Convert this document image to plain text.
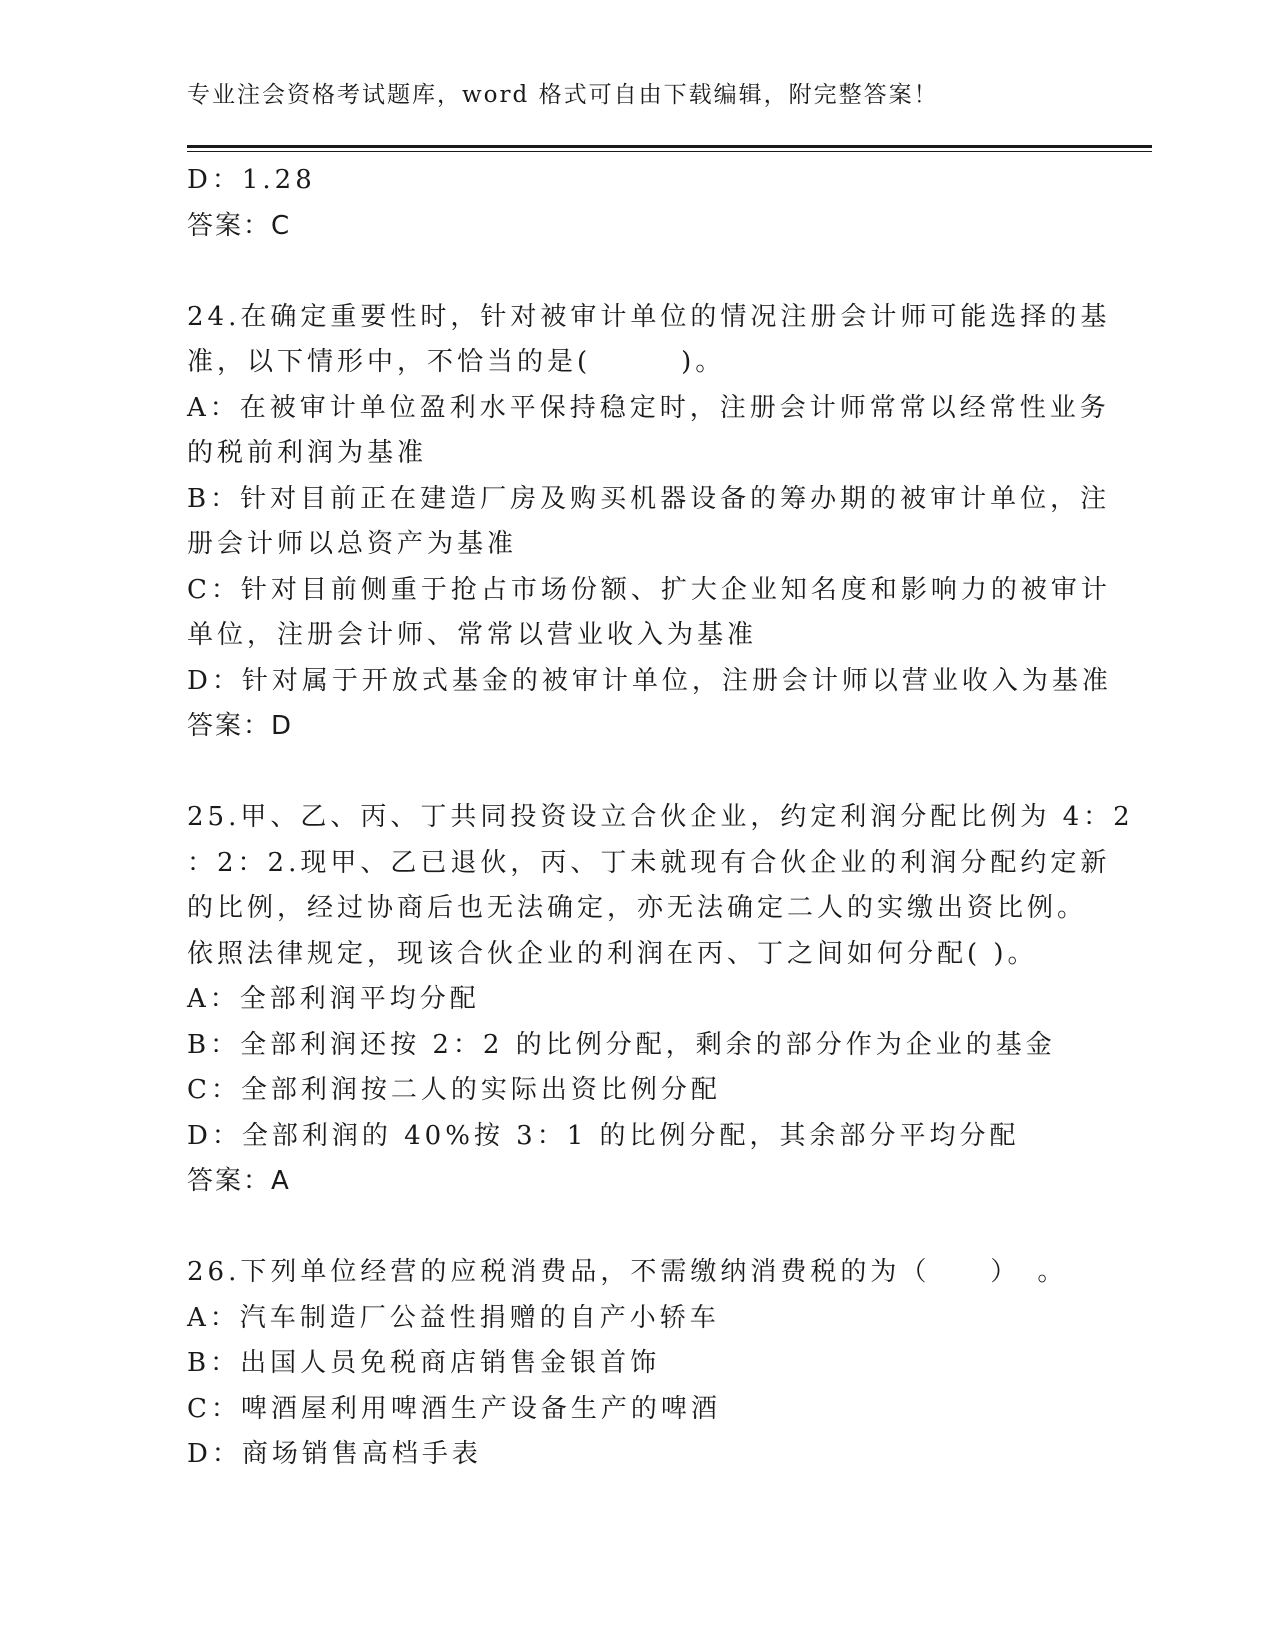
专业注会资格考试题库，word 格式可自由下载编辑，附完整答案！
D：1.28
答案：C
24.在确定重要性时，针对被审计单位的情况注册会计师可能选择的基
准，以下情形中，不恰当的是(　　　)。
A：在被审计单位盈利水平保持稳定时，注册会计师常常以经常性业务
的税前利润为基准
B：针对目前正在建造厂房及购买机器设备的筹办期的被审计单位，注
册会计师以总资产为基准
C：针对目前侧重于抢占市场份额、扩大企业知名度和影响力的被审计
单位，注册会计师、常常以营业收入为基准
D：针对属于开放式基金的被审计单位，注册会计师以营业收入为基准
答案：D
25.甲、乙、丙、丁共同投资设立合伙企业，约定利润分配比例为 4：2
：2：2.现甲、乙已退伙，丙、丁未就现有合伙企业的利润分配约定新
的比例，经过协商后也无法确定，亦无法确定二人的实缴出资比例。
依照法律规定，现该合伙企业的利润在丙、丁之间如何分配( )。
A：全部利润平均分配
B：全部利润还按 2：2 的比例分配，剩余的部分作为企业的基金
C：全部利润按二人的实际出资比例分配
D：全部利润的 40%按 3：1 的比例分配，其余部分平均分配
答案：A
26.下列单位经营的应税消费品，不需缴纳消费税的为（　　）　。
A：汽车制造厂公益性捐赠的自产小轿车
B：出国人员免税商店销售金银首饰
C：啤酒屋利用啤酒生产设备生产的啤酒
D：商场销售高档手表
